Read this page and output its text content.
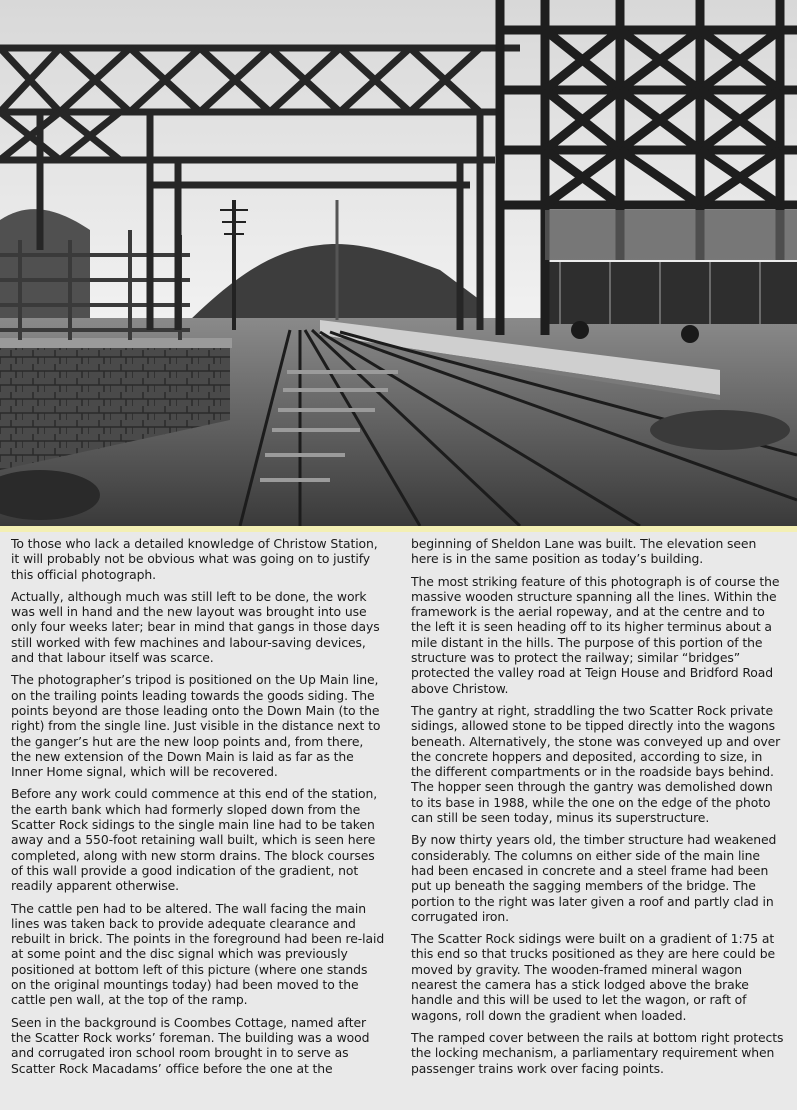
To those who lack a detailed knowledge of Christow Station, it will probably not be obvious what was going on to justify this official photograph.

Actually, although much was still left to be done, the work was well in hand and the new layout was brought into use only four weeks later; bear in mind that gangs in those days still worked with few machines and labour-saving devices, and that labour itself was scarce.

The photographer’s tripod is positioned on the Up Main line, on the trailing points leading towards the goods siding. The points beyond are those leading onto the Down Main (to the right) from the single line. Just visible in the distance next to the ganger’s hut are the new loop points and, from there, the new extension of the Down Main is laid as far as the Inner Home signal, which will be recovered.

Before any work could commence at this end of the station, the earth bank which had formerly sloped down from the Scatter Rock sidings to the single main line had to be taken away and a 550-foot retaining wall built, which is seen here completed, along with new storm drains. The block courses of this wall provide a good indication of the gradient, not readily apparent otherwise.

The cattle pen had to be altered. The wall facing the main lines was taken back to provide adequate clearance and rebuilt in brick. The points in the foreground had been re-laid at some point and the disc signal which was previously positioned at bottom left of this picture (where one stands on the original mountings today) had been moved to the cattle pen wall, at the top of the ramp.

Seen in the background is Coombes Cottage, named after the Scatter Rock works’ foreman. The building was a wood and corrugated iron school room brought in to serve as Scatter Rock Macadams’ office before the one at the

beginning of Sheldon Lane was built. The elevation seen here is in the same position as today’s building.

The most striking feature of this photograph is of course the massive wooden structure spanning all the lines. Within the framework is the aerial ropeway, and at the centre and to the left it is seen heading off to its higher terminus about a mile distant in the hills. The purpose of this portion of the structure was to protect the railway; similar “bridges” protected the valley road at Teign House and Bridford Road above Christow.

The gantry at right, straddling the two Scatter Rock private sidings, allowed stone to be tipped directly into the wagons beneath. Alternatively, the stone was conveyed up and over the concrete hoppers and deposited, according to size, in the different compartments or in the roadside bays behind. The hopper seen through the gantry was demolished down to its base in 1988, while the one on the edge of the photo can still be seen today, minus its superstructure.

By now thirty years old, the timber structure had weakened considerably. The columns on either side of the main line had been encased in concrete and a steel frame had been put up beneath the sagging members of the bridge. The portion to the right was later given a roof and partly clad in corrugated iron.

The Scatter Rock sidings were built on a gradient of 1:75 at this end so that trucks positioned as they are here could be moved by gravity. The wooden-framed mineral wagon nearest the camera has a stick lodged above the brake handle and this will be used to let the wagon, or raft of wagons, roll down the gradient when loaded.

The ramped cover between the rails at bottom right protects the locking mechanism, a parliamentary requirement when passenger trains work over facing points.
